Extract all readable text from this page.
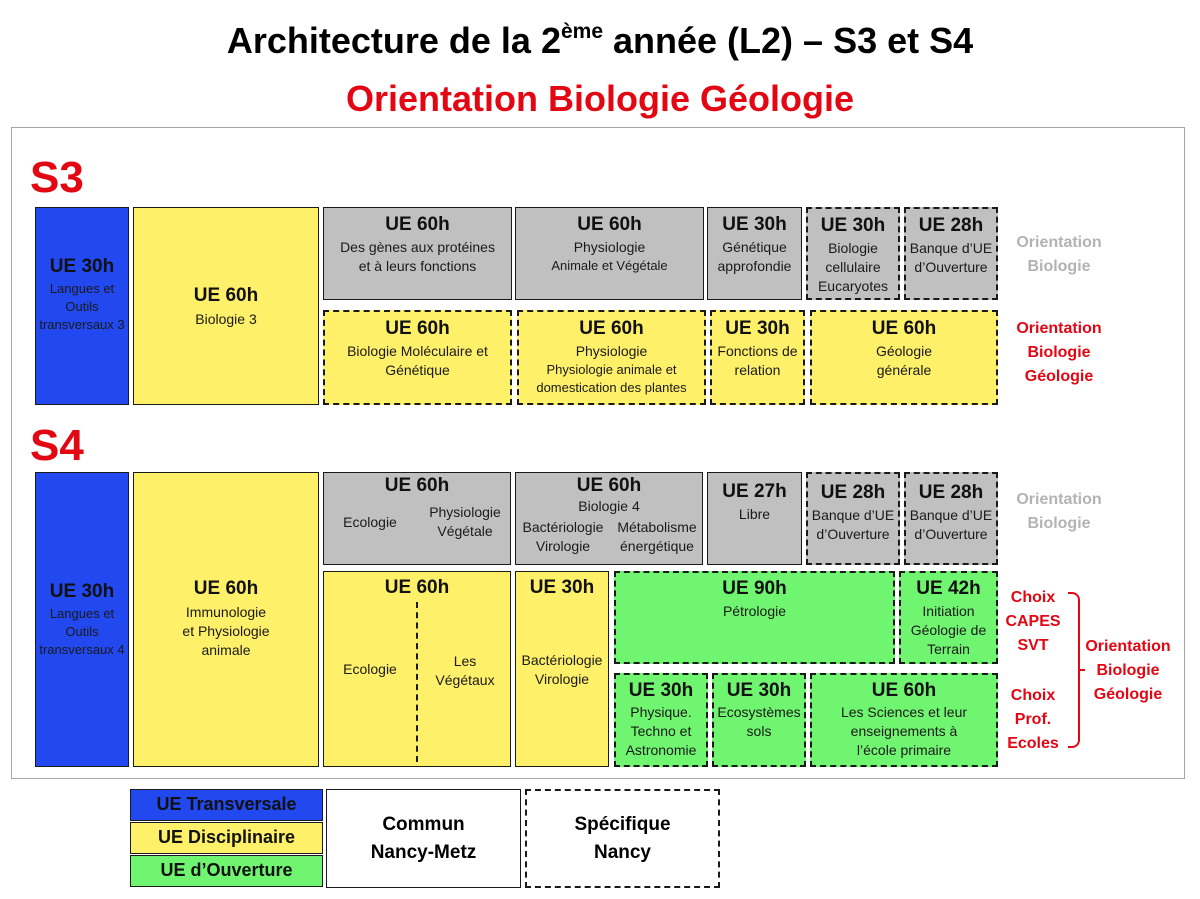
Architecture de la 2ème année (L2) – S3 et S4
Orientation Biologie Géologie
S3
UE 30h
Langues et
Outils
transversaux 3
UE 60h
Biologie 3
UE 60h
Des gènes aux protéines
et à leurs fonctions
UE 60h
Physiologie
Animale et Végétale
UE 30h
Génétique
approfondie
UE 30h
Biologie
cellulaire
Eucaryotes
UE 28h
Banque d’UE
d’Ouverture
UE 60h
Biologie Moléculaire et
Génétique
UE 60h
Physiologie
Physiologie animale et
domestication des plantes
UE 30h
Fonctions de
relation
UE 60h
Géologie
générale
Orientation
Biologie
Orientation
Biologie
Géologie
S4
UE 30h
Langues et
Outils
transversaux 4
UE 60h
Immunologie
et Physiologie
animale
UE 60h
Ecologie
Physiologie
Végétale
UE 60h
Biologie 4
Bactériologie
Virologie
Métabolisme
énergétique
UE 27h
Libre
UE 28h
Banque d’UE
d’Ouverture
UE 28h
Banque d’UE
d’Ouverture
Orientation
Biologie
UE 60h
Ecologie	Les
Végétaux
UE 30h
Bactériologie
Virologie
UE 90h
Pétrologie
UE 42h
Initiation
Géologie de
Terrain
UE 30h
Physique.
Techno et
Astronomie
UE 30h
Ecosystèmes
sols
UE 60h
Les Sciences et leur
enseignements à
l’école primaire
Choix
CAPES
SVT
Choix
Prof.
Ecoles
Orientation
Biologie
Géologie
UE Transversale
UE Disciplinaire
UE d’Ouverture
Commun
Nancy-Metz
Spécifique
Nancy
